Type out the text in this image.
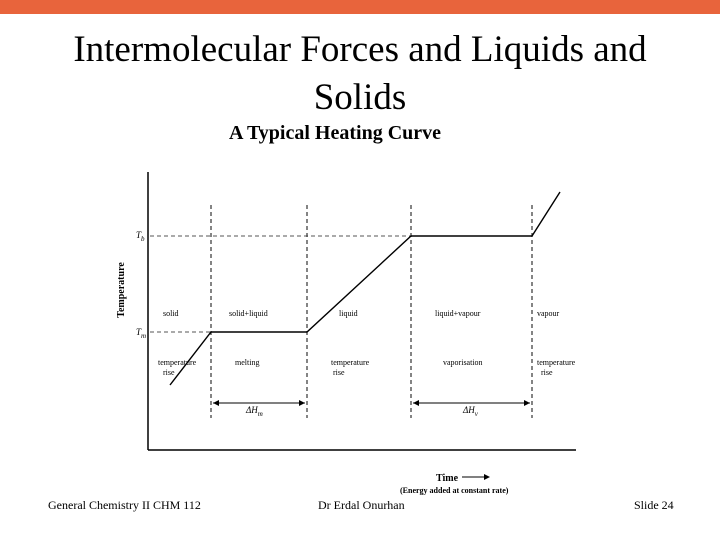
Intermolecular Forces and Liquids and
Solids
A Typical Heating Curve
Temperature
$T_b$
$T_m$
solid	solid+liquid	liquid	liquid+vapour	vapour
temperature
rise
melting	temperature
rise
vaporisation	temperature
rise
$\Delta H_m$	$\Delta H_v$
Time
(Energy added at constant rate)
General Chemistry II CHM 112	Dr Erdal Onurhan	Slide 24
